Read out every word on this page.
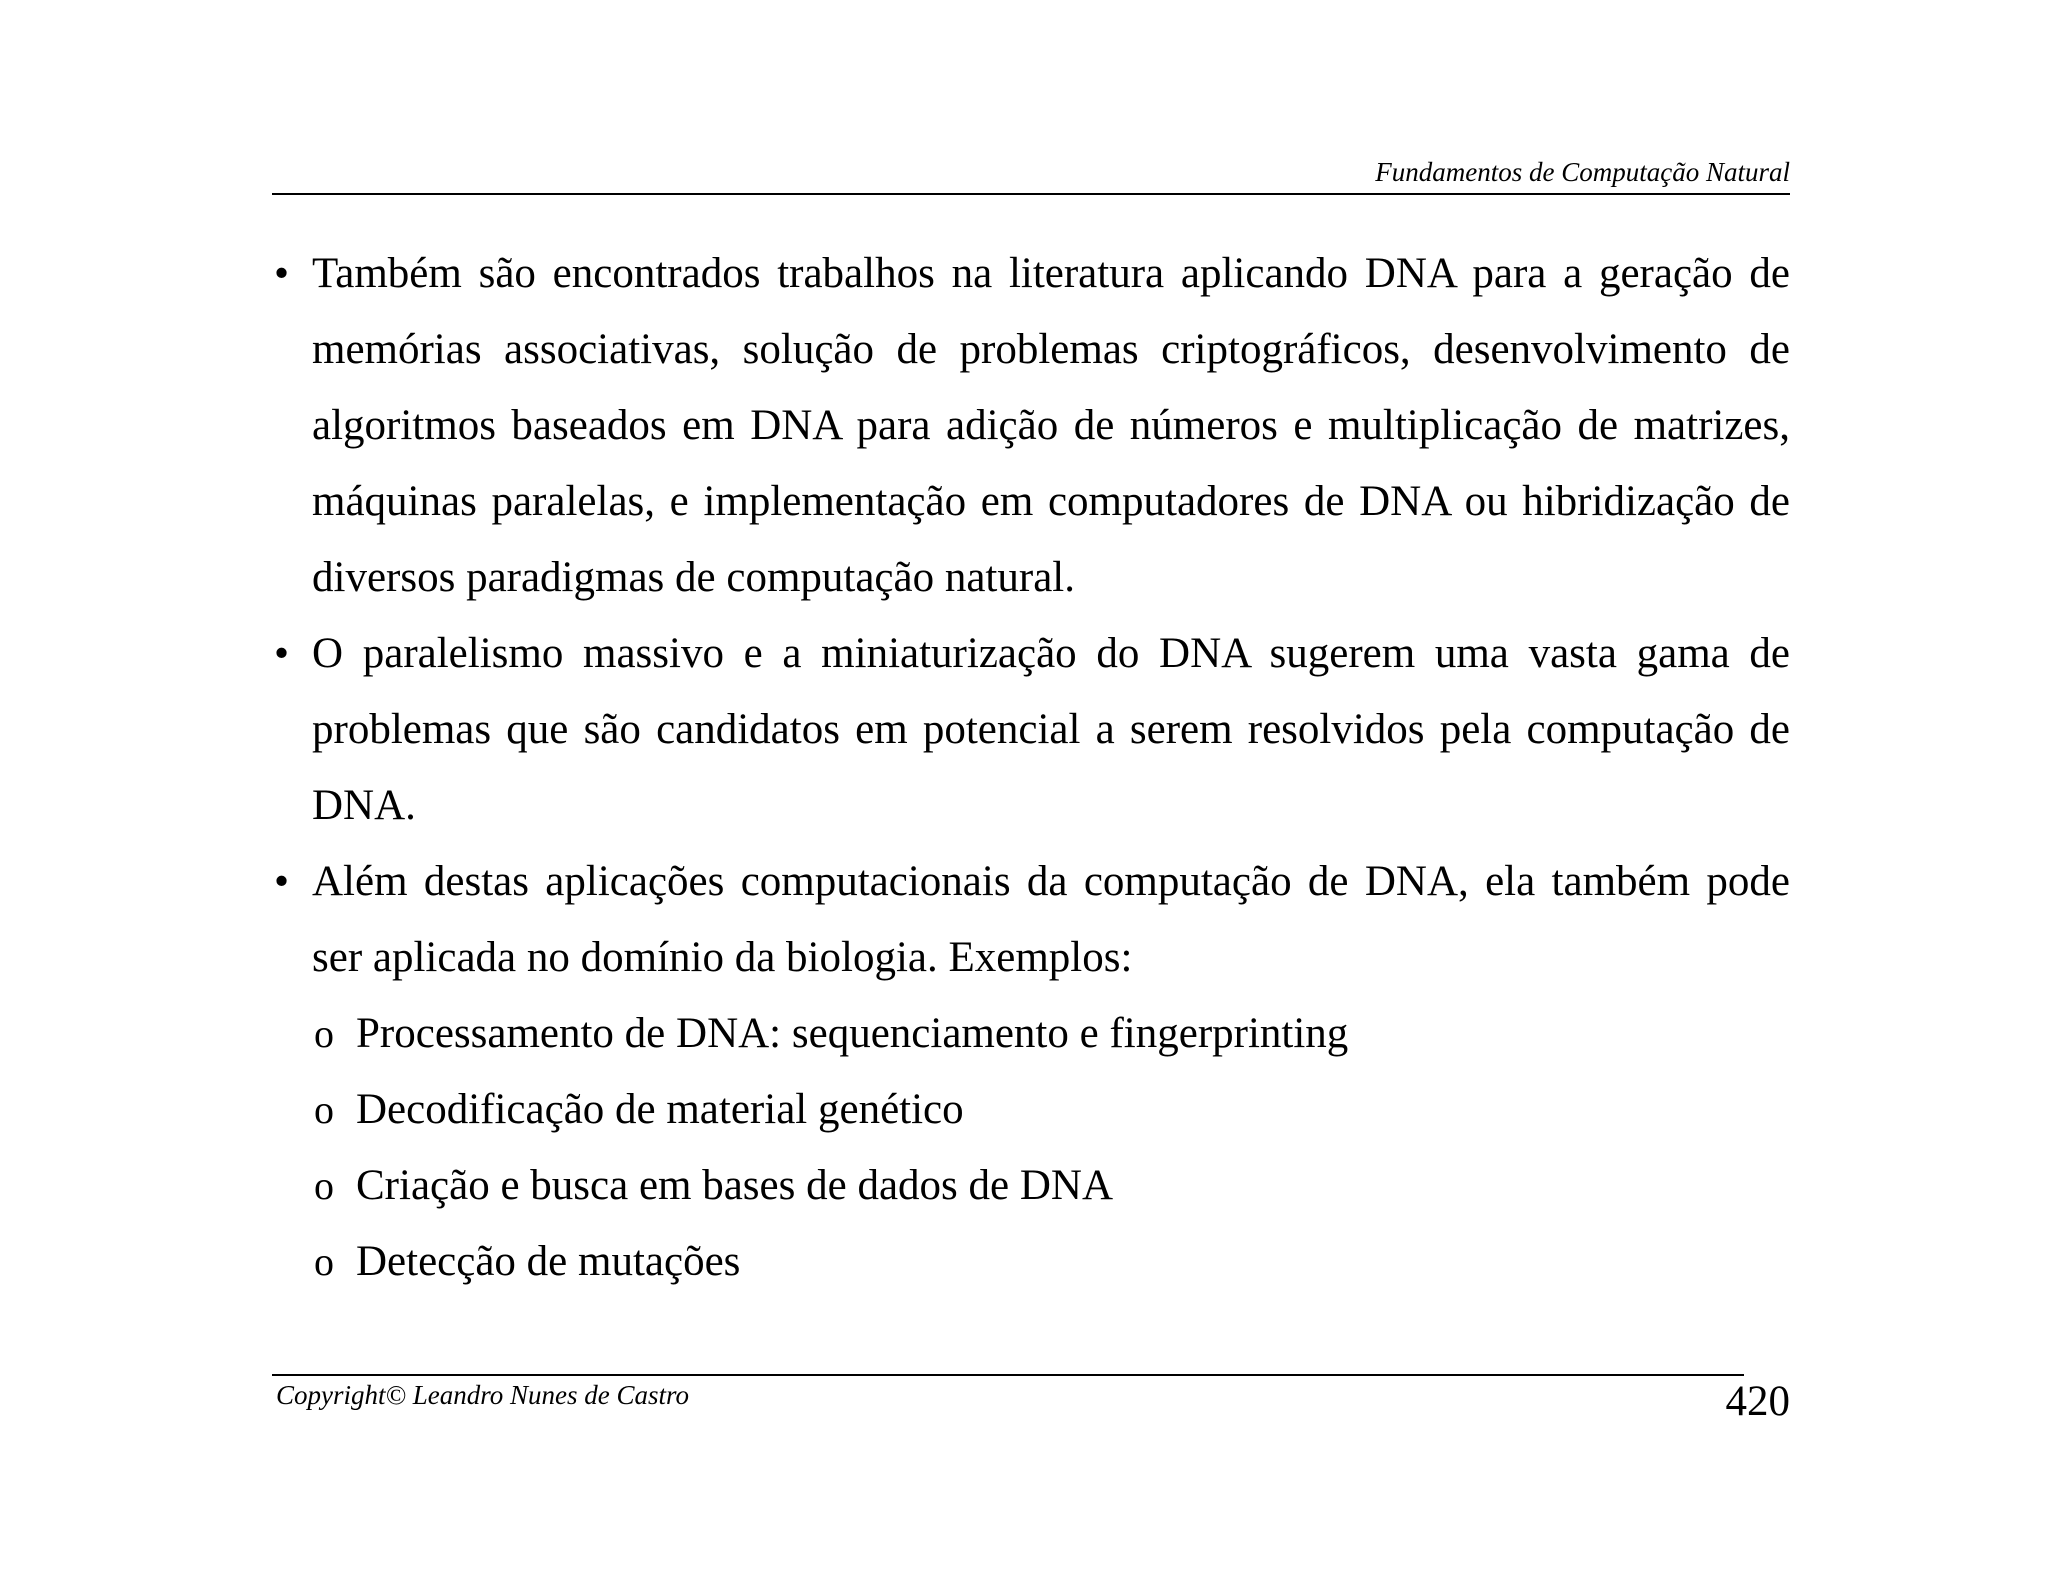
Fundamentos de Computação Natural
• Também são encontrados trabalhos na literatura aplicando DNA para a geração de memórias associativas, solução de problemas criptográficos, desenvolvimento de algoritmos baseados em DNA para adição de números e multiplicação de matrizes, máquinas paralelas, e implementação em computadores de DNA ou hibridização de diversos paradigmas de computação natural.
• O paralelismo massivo e a miniaturização do DNA sugerem uma vasta gama de problemas que são candidatos em potencial a serem resolvidos pela computação de DNA.
• Além destas aplicações computacionais da computação de DNA, ela também pode ser aplicada no domínio da biologia. Exemplos:
o Processamento de DNA: sequenciamento e fingerprinting
o Decodificação de material genético
o Criação e busca em bases de dados de DNA
o Detecção de mutações
Copyright© Leandro Nunes de Castro	420
